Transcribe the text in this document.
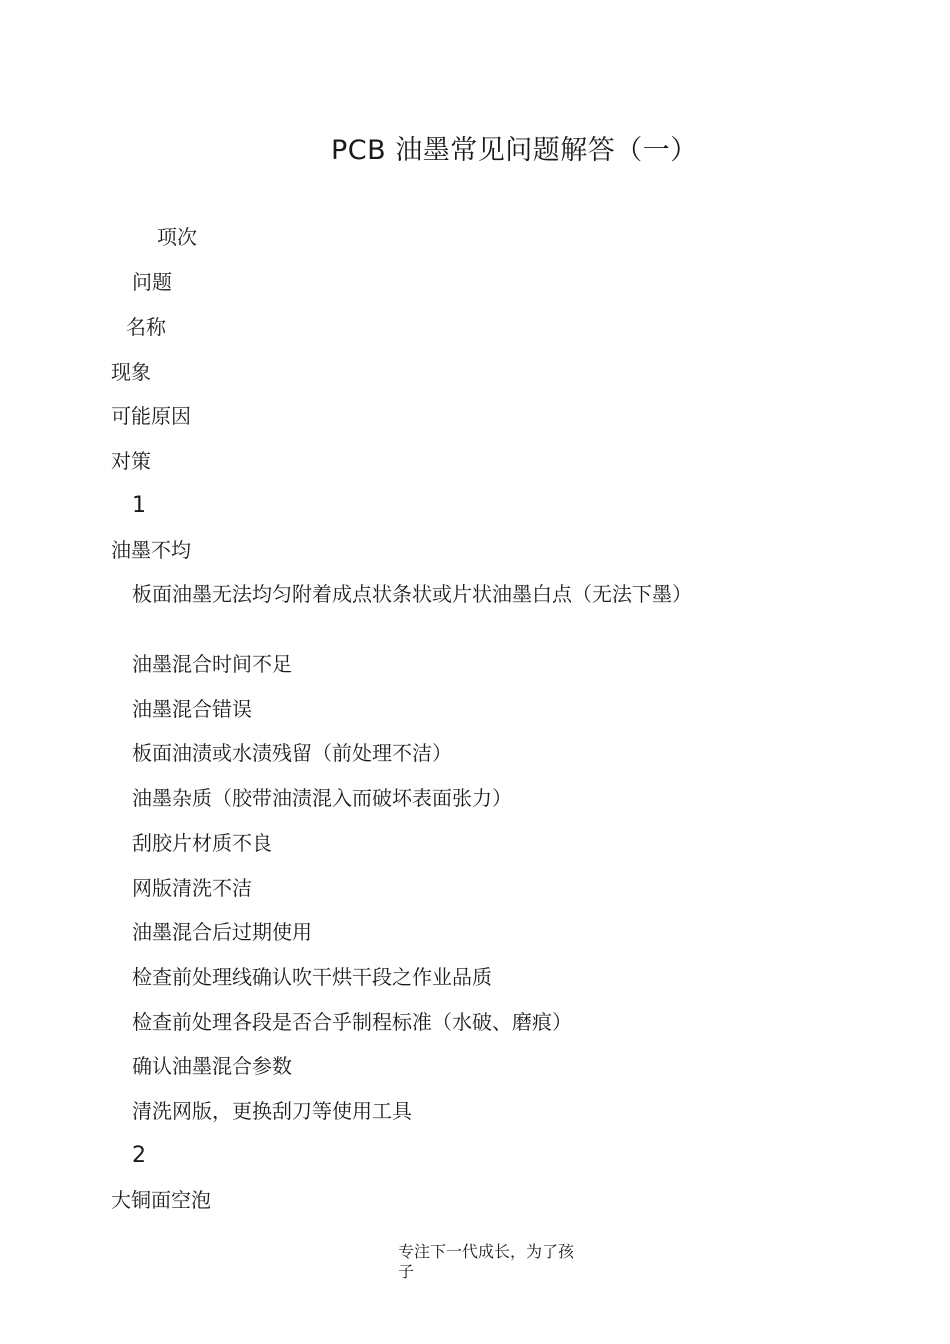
PCB 油墨常见问题解答（一）
项次
问题
名称
现象
可能原因
对策
1
油墨不均
板面油墨无法均匀附着成点状条状或片状油墨白点（无法下墨）
油墨混合时间不足
油墨混合错误
板面油渍或水渍残留（前处理不洁）
油墨杂质（胶带油渍混入而破坏表面张力）
刮胶片材质不良
网版清洗不洁
油墨混合后过期使用
检查前处理线确认吹干烘干段之作业品质
检查前处理各段是否合乎制程标准（水破、磨痕）
确认油墨混合参数
清洗网版，更换刮刀等使用工具
2
大铜面空泡
专注下一代成长，为了孩子
